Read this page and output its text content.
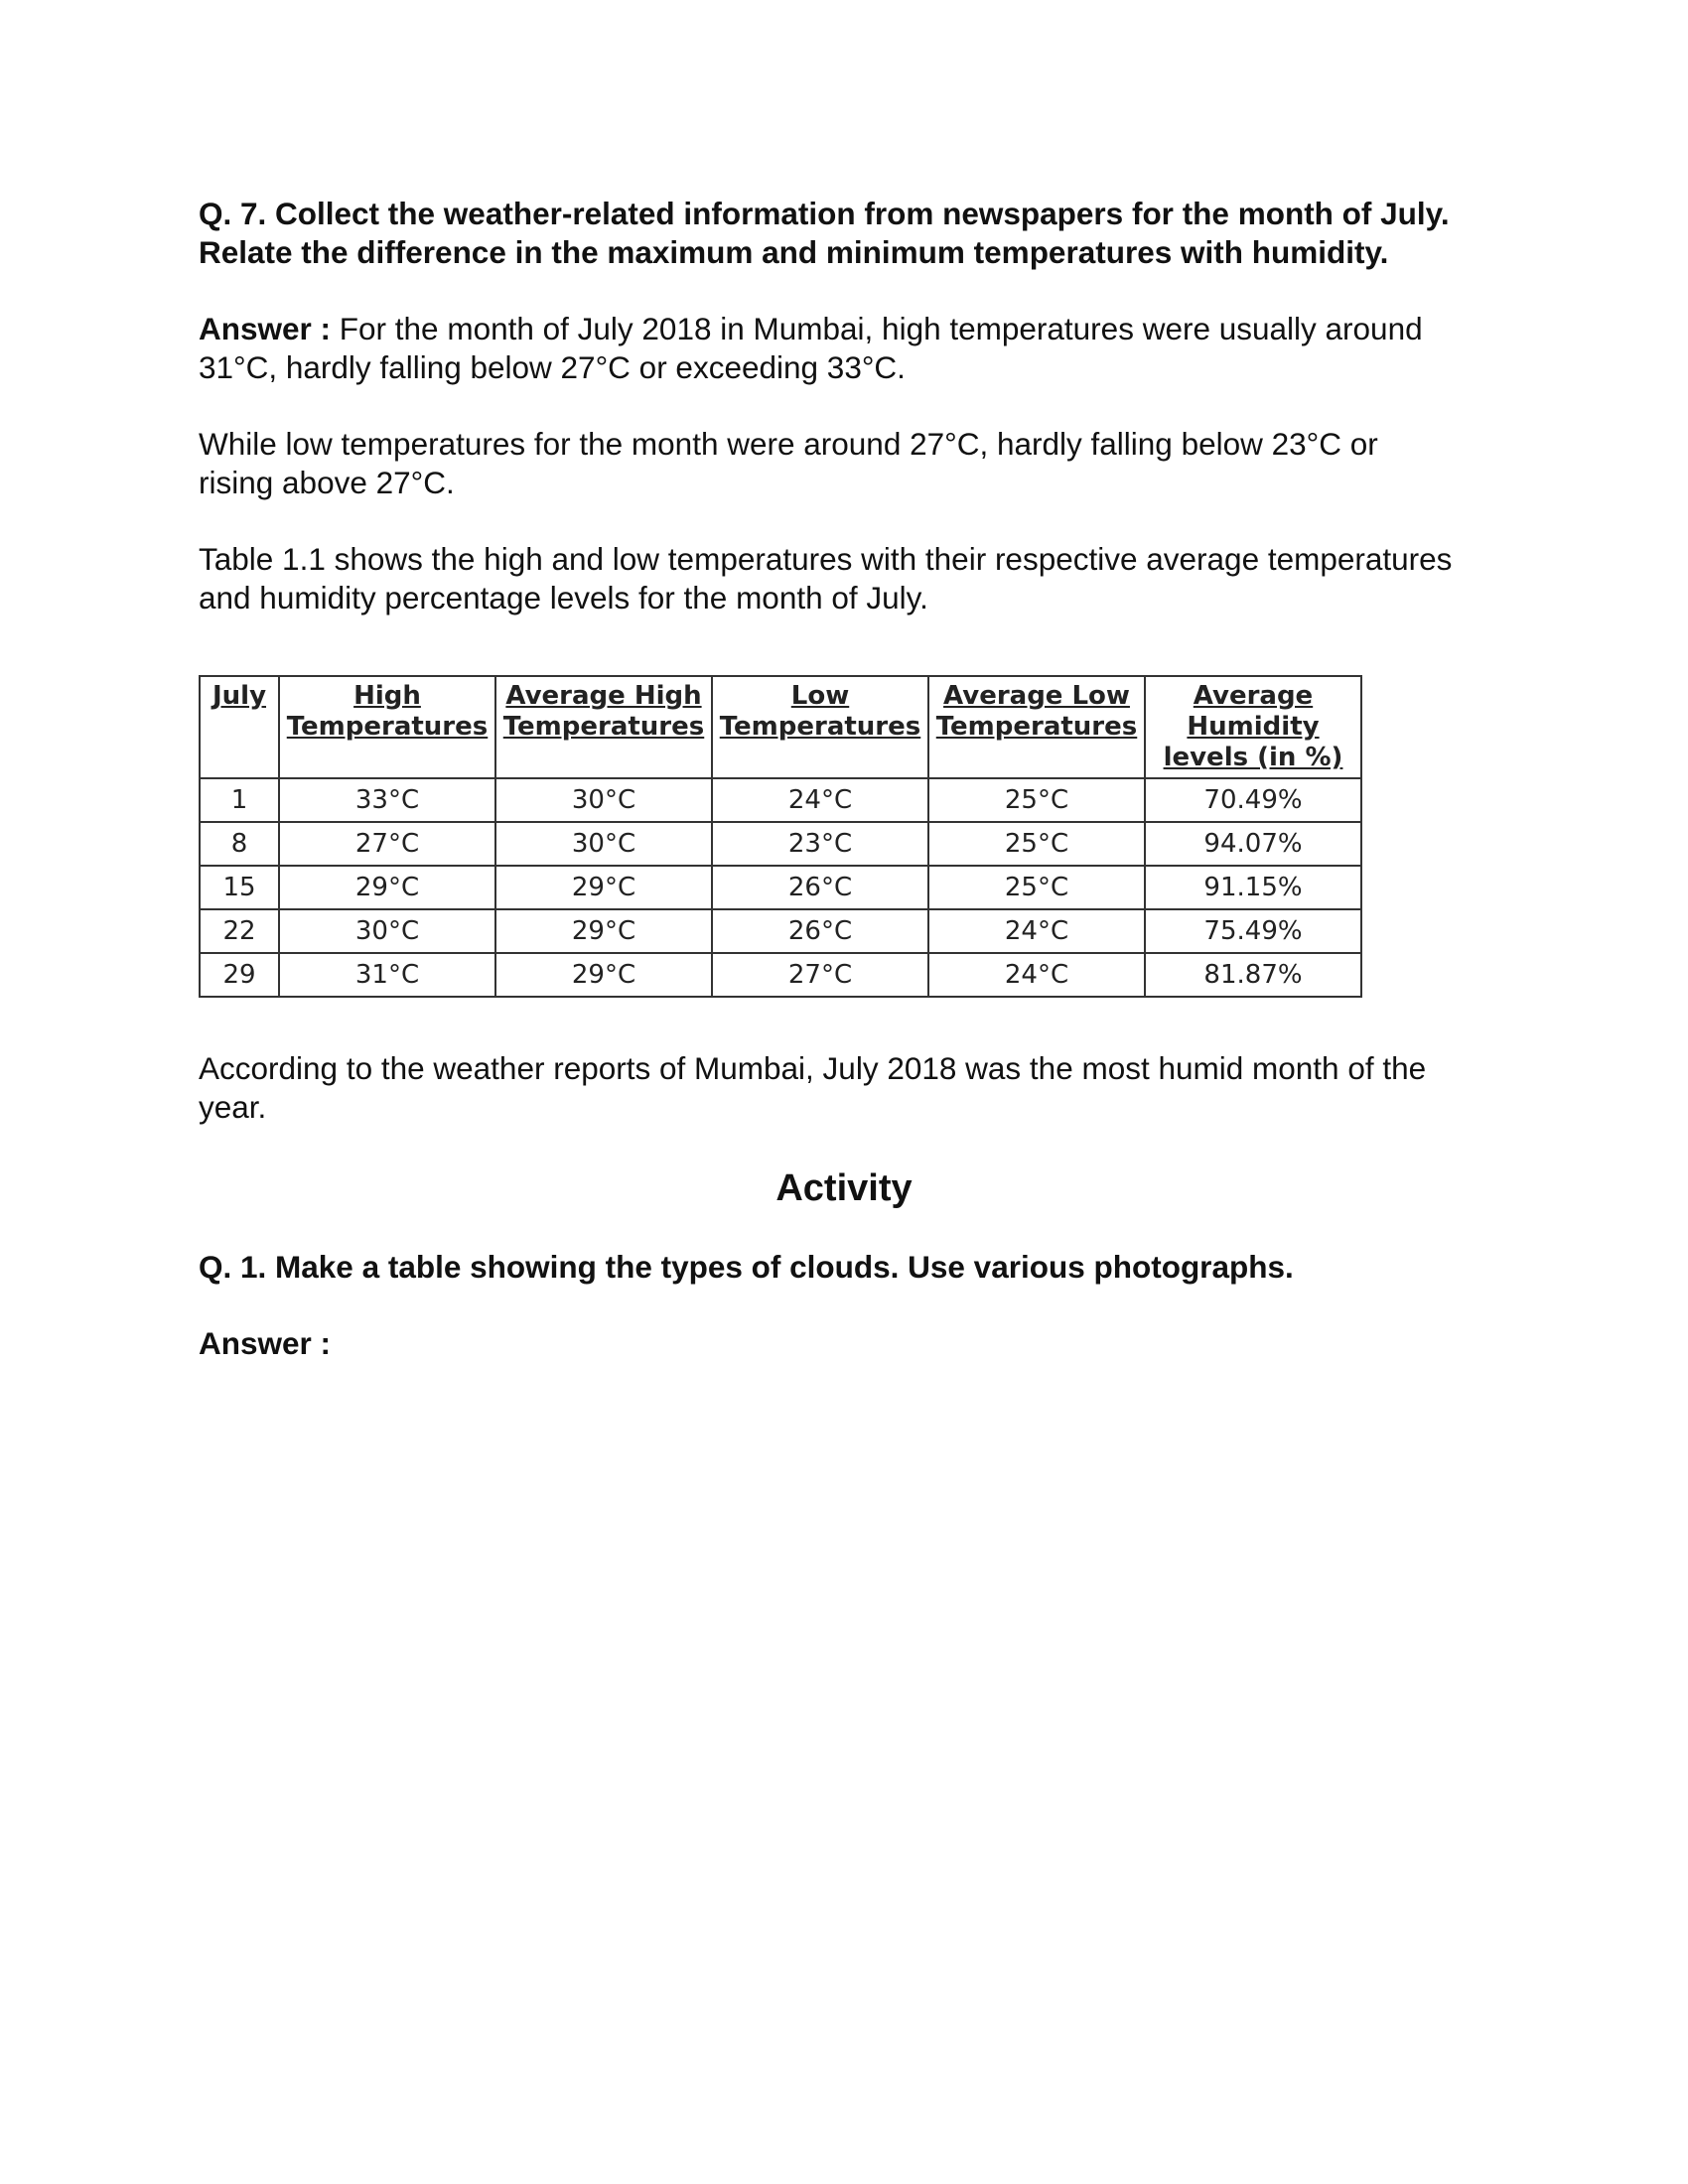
Q. 7. Collect the weather-related information from newspapers for the month of July. Relate the difference in the maximum and minimum temperatures with humidity.

Answer : For the month of July 2018 in Mumbai, high temperatures were usually around 31°C, hardly falling below 27°C or exceeding 33°C.

While low temperatures for the month were around 27°C, hardly falling below 23°C or rising above 27°C.

Table 1.1 shows the high and low temperatures with their respective average temperatures and humidity percentage levels for the month of July.

July	High Temperatures	Average High Temperatures	Low Temperatures	Average Low Temperatures	Average Humidity levels (in %)
1	33°C	30°C	24°C	25°C	70.49%
8	27°C	30°C	23°C	25°C	94.07%
15	29°C	29°C	26°C	25°C	91.15%
22	30°C	29°C	26°C	24°C	75.49%
29	31°C	29°C	27°C	24°C	81.87%

According to the weather reports of Mumbai, July 2018 was the most humid month of the year.

Activity

Q. 1. Make a table showing the types of clouds. Use various photographs.

Answer :
